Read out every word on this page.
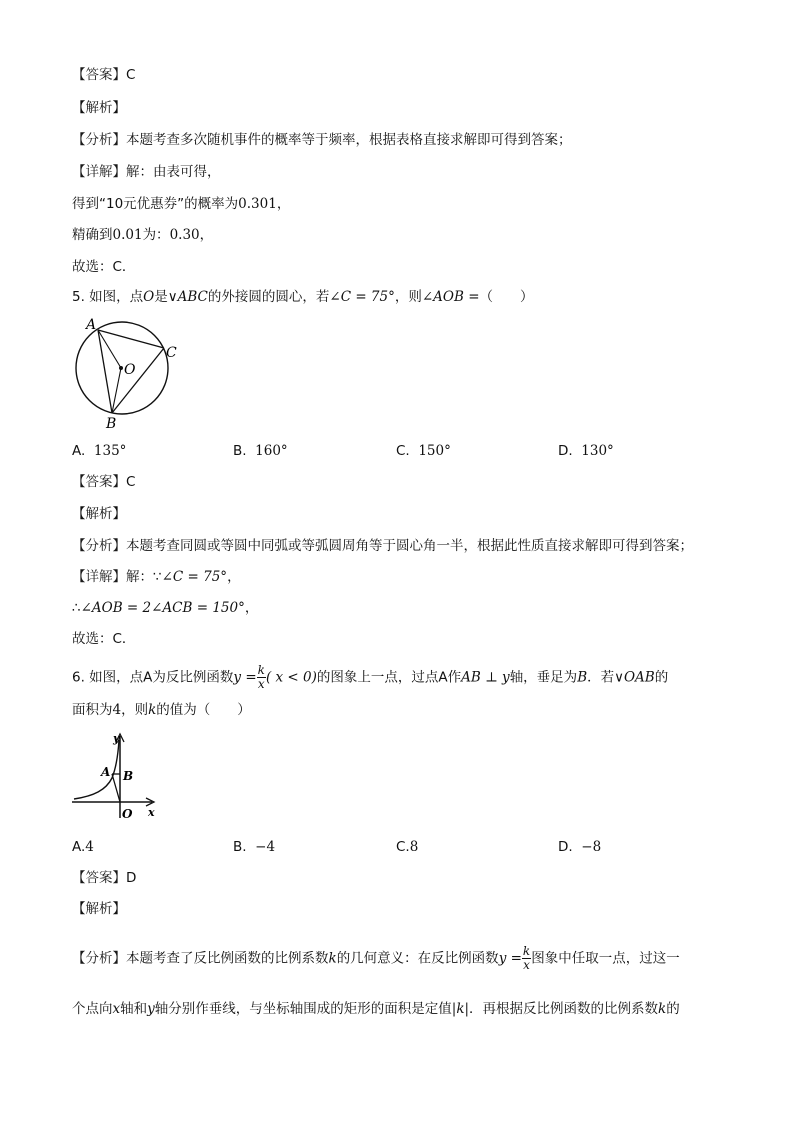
【答案】C
【解析】
【分析】本题考查多次随机事件的概率等于频率，根据表格直接求解即可得到答案；
【详解】解：由表可得，
得到“10元优惠券”的概率为0.301，
精确到0.01为：0.30，
故选：C．
5. 如图，点O是∨ABC的外接圆的圆心，若∠C = 75°，则∠AOB =（　　）
A
C
O
B
A. 135°	B. 160°	C. 150°	D. 130°
【答案】C
【解析】
【分析】本题考查同圆或等圆中同弧或等弧圆周角等于圆心角一半，根据此性质直接求解即可得到答案；
【详解】解：∵∠C = 75°，
∴∠AOB = 2∠ACB = 150°，
故选：C．
6. 如图，点A为反比例函数$y = \frac{k}{x}$ ( x < 0)的图象上一点，过点A作AB ⊥ y轴，垂足为B．若∨OAB的
面积为4，则k的值为（　　）
y
A B
O x
A.4	B. −4	C.8	D. −8
【答案】D
【解析】
【分析】本题考查了反比例函数的比例系数k的几何意义：在反比例函数$y = \frac{k}{x}$ 图象中任取一点，过这一
个点向x轴和y轴分别作垂线，与坐标轴围成的矩形的面积是定值|k|．再根据反比例函数的比例系数k的
